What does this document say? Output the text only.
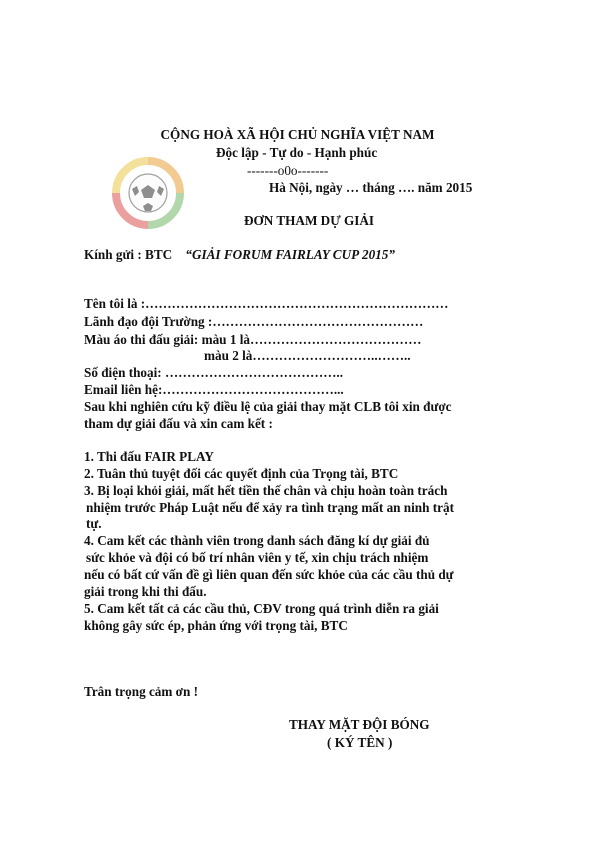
CỘNG HOÀ XÃ HỘI CHỦ NGHĨA VIỆT NAM
Độc lập - Tự do - Hạnh phúc
-------o0o-------
Hà Nội, ngày … tháng …. năm 2015
ĐƠN THAM DỰ GIẢI
Kính gửi : BTC “GIẢI FORUM FAIRLAY CUP 2015”
Tên tôi là :……………………………………………………………
Lãnh đạo đội Trường :…………………………………………
Màu áo thi đấu giải: màu 1 là…………………………………
màu 2 là………………………..……..
Số điện thoại: …………………………………..
Email liên hệ:…………………………………...
Sau khi nghiên cứu kỹ điều lệ của giải thay mặt CLB tôi xin được
tham dự giải đấu và xin cam kết :
1. Thi đấu FAIR PLAY
2. Tuân thủ tuyệt đối các quyết định của Trọng tài, BTC
3. Bị loại khỏi giải, mất hết tiền thế chân và chịu hoàn toàn trách
nhiệm trước Pháp Luật nếu để xảy ra tình trạng mất an ninh trật
tự.
4. Cam kết các thành viên trong danh sách đăng kí dự giải đủ
sức khỏe và đội có bố trí nhân viên y tế, xin chịu trách nhiệm
nếu có bất cứ vấn đề gì liên quan đến sức khỏe của các cầu thủ dự
giải trong khi thi đấu.
5. Cam kết tất cả các cầu thủ, CĐV trong quá trình diễn ra giải
không gây sức ép, phản ứng với trọng tài, BTC
Trân trọng cảm ơn !
THAY MẶT ĐỘI BÓNG
( KÝ TÊN )
